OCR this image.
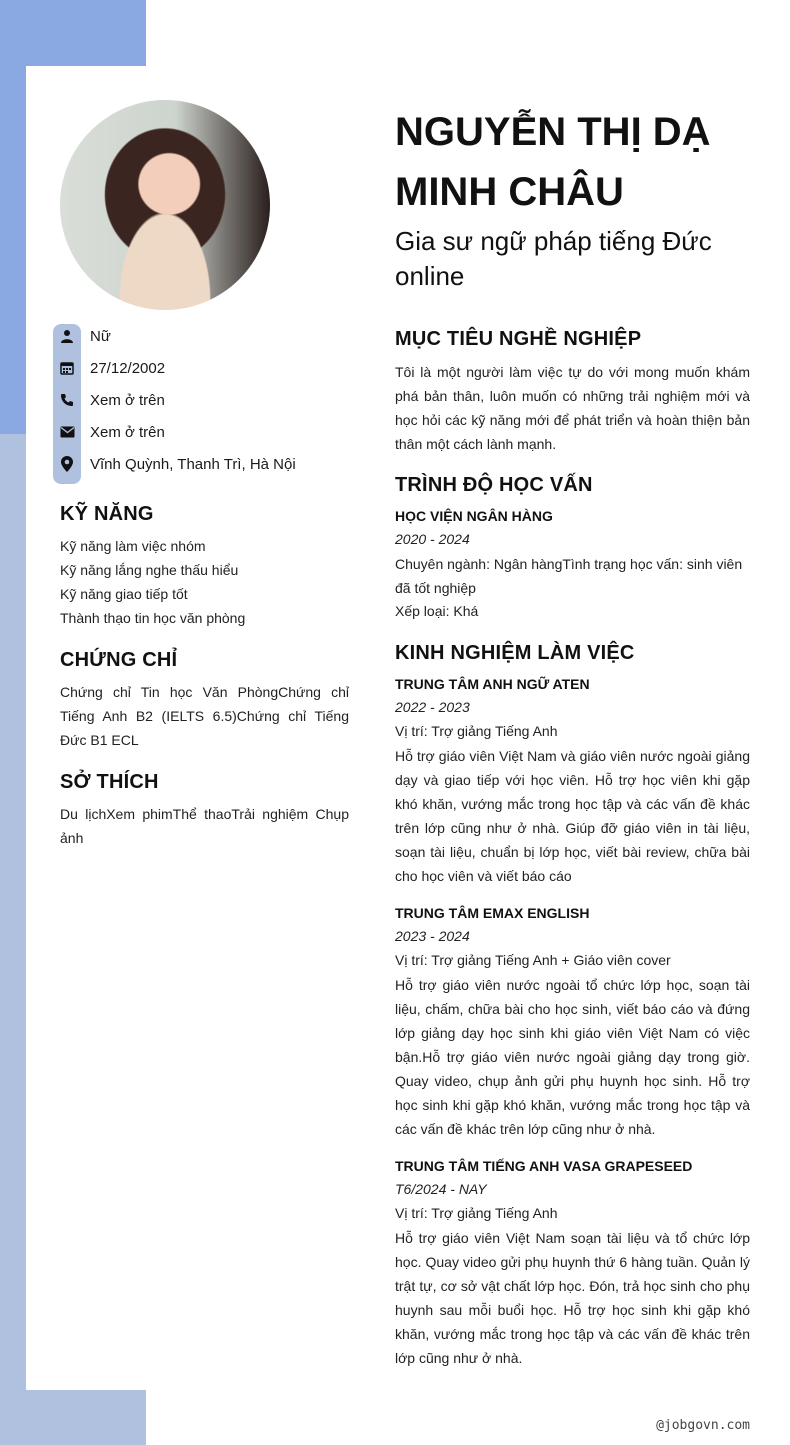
Nữ
27/12/2002
Xem ở trên
Xem ở trên
Vĩnh Quỳnh, Thanh Trì, Hà Nội
KỸ NĂNG
Kỹ năng làm việc nhóm
Kỹ năng lắng nghe thấu hiểu
Kỹ năng giao tiếp tốt
Thành thạo tin học văn phòng
CHỨNG CHỈ
Chứng chỉ Tin học Văn PhòngChứng chỉ Tiếng Anh B2 (IELTS 6.5)Chứng chỉ Tiếng Đức B1 ECL
SỞ THÍCH
Du lịchXem phimThể thaoTrải nghiệm Chụp ảnh
NGUYỄN THỊ DẠ MINH CHÂU
Gia sư ngữ pháp tiếng Đức online
MỤC TIÊU NGHỀ NGHIỆP
Tôi là một người làm việc tự do với mong muốn khám phá bản thân, luôn muốn có những trải nghiệm mới và học hỏi các kỹ năng mới để phát triển và hoàn thiện bản thân một cách lành mạnh.
TRÌNH ĐỘ HỌC VẤN
HỌC VIỆN NGÂN HÀNG
2020 - 2024
Chuyên ngành: Ngân hàngTình trạng học vấn: sinh viên đã tốt nghiệp
Xếp loại: Khá
KINH NGHIỆM LÀM VIỆC
TRUNG TÂM ANH NGỮ ATEN
2022 - 2023
Vị trí: Trợ giảng Tiếng Anh
Hỗ trợ giáo viên Việt Nam và giáo viên nước ngoài giảng dạy và giao tiếp với học viên. Hỗ trợ học viên khi gặp khó khăn, vướng mắc trong học tập và các vấn đề khác trên lớp cũng như ở nhà. Giúp đỡ giáo viên in tài liệu, soạn tài liệu, chuẩn bị lớp học, viết bài review, chữa bài cho học viên và viết báo cáo
TRUNG TÂM EMAX ENGLISH
2023 - 2024
Vị trí: Trợ giảng Tiếng Anh + Giáo viên cover
Hỗ trợ giáo viên nước ngoài tổ chức lớp học, soạn tài liệu, chấm, chữa bài cho học sinh, viết báo cáo và đứng lớp giảng dạy học sinh khi giáo viên Việt Nam có việc bận.Hỗ trợ giáo viên nước ngoài giảng dạy trong giờ. Quay video, chụp ảnh gửi phụ huynh học sinh. Hỗ trợ học sinh khi gặp khó khăn, vướng mắc trong học tập và các vấn đề khác trên lớp cũng như ở nhà.
TRUNG TÂM TIẾNG ANH VASA GRAPESEED
T6/2024 - NAY
Vị trí: Trợ giảng Tiếng Anh
Hỗ trợ giáo viên Việt Nam soạn tài liệu và tổ chức lớp học. Quay video gửi phụ huynh thứ 6 hàng tuần. Quản lý trật tự, cơ sở vật chất lớp học. Đón, trả học sinh cho phụ huynh sau mỗi buổi học. Hỗ trợ học sinh khi gặp khó khăn, vướng mắc trong học tập và các vấn đề khác trên lớp cũng như ở nhà.
@jobgovn.com
